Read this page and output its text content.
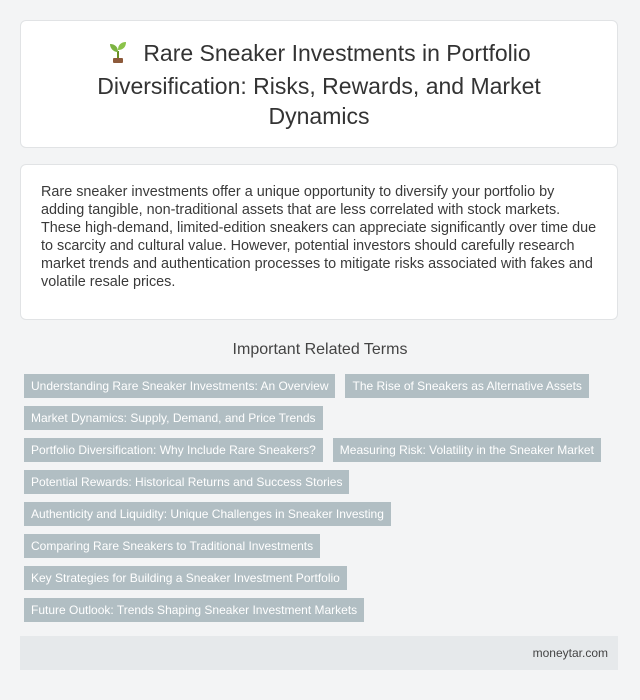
Rare Sneaker Investments in Portfolio Diversification: Risks, Rewards, and Market Dynamics

Rare sneaker investments offer a unique opportunity to diversify your portfolio by adding tangible, non-traditional assets that are less correlated with stock markets. These high-demand, limited-edition sneakers can appreciate significantly over time due to scarcity and cultural value. However, potential investors should carefully research market trends and authentication processes to mitigate risks associated with fakes and volatile resale prices.

Important Related Terms
Understanding Rare Sneaker Investments: An Overview	The Rise of Sneakers as Alternative Assets
Market Dynamics: Supply, Demand, and Price Trends
Portfolio Diversification: Why Include Rare Sneakers?	Measuring Risk: Volatility in the Sneaker Market
Potential Rewards: Historical Returns and Success Stories
Authenticity and Liquidity: Unique Challenges in Sneaker Investing
Comparing Rare Sneakers to Traditional Investments
Key Strategies for Building a Sneaker Investment Portfolio
Future Outlook: Trends Shaping Sneaker Investment Markets
moneytar.com
